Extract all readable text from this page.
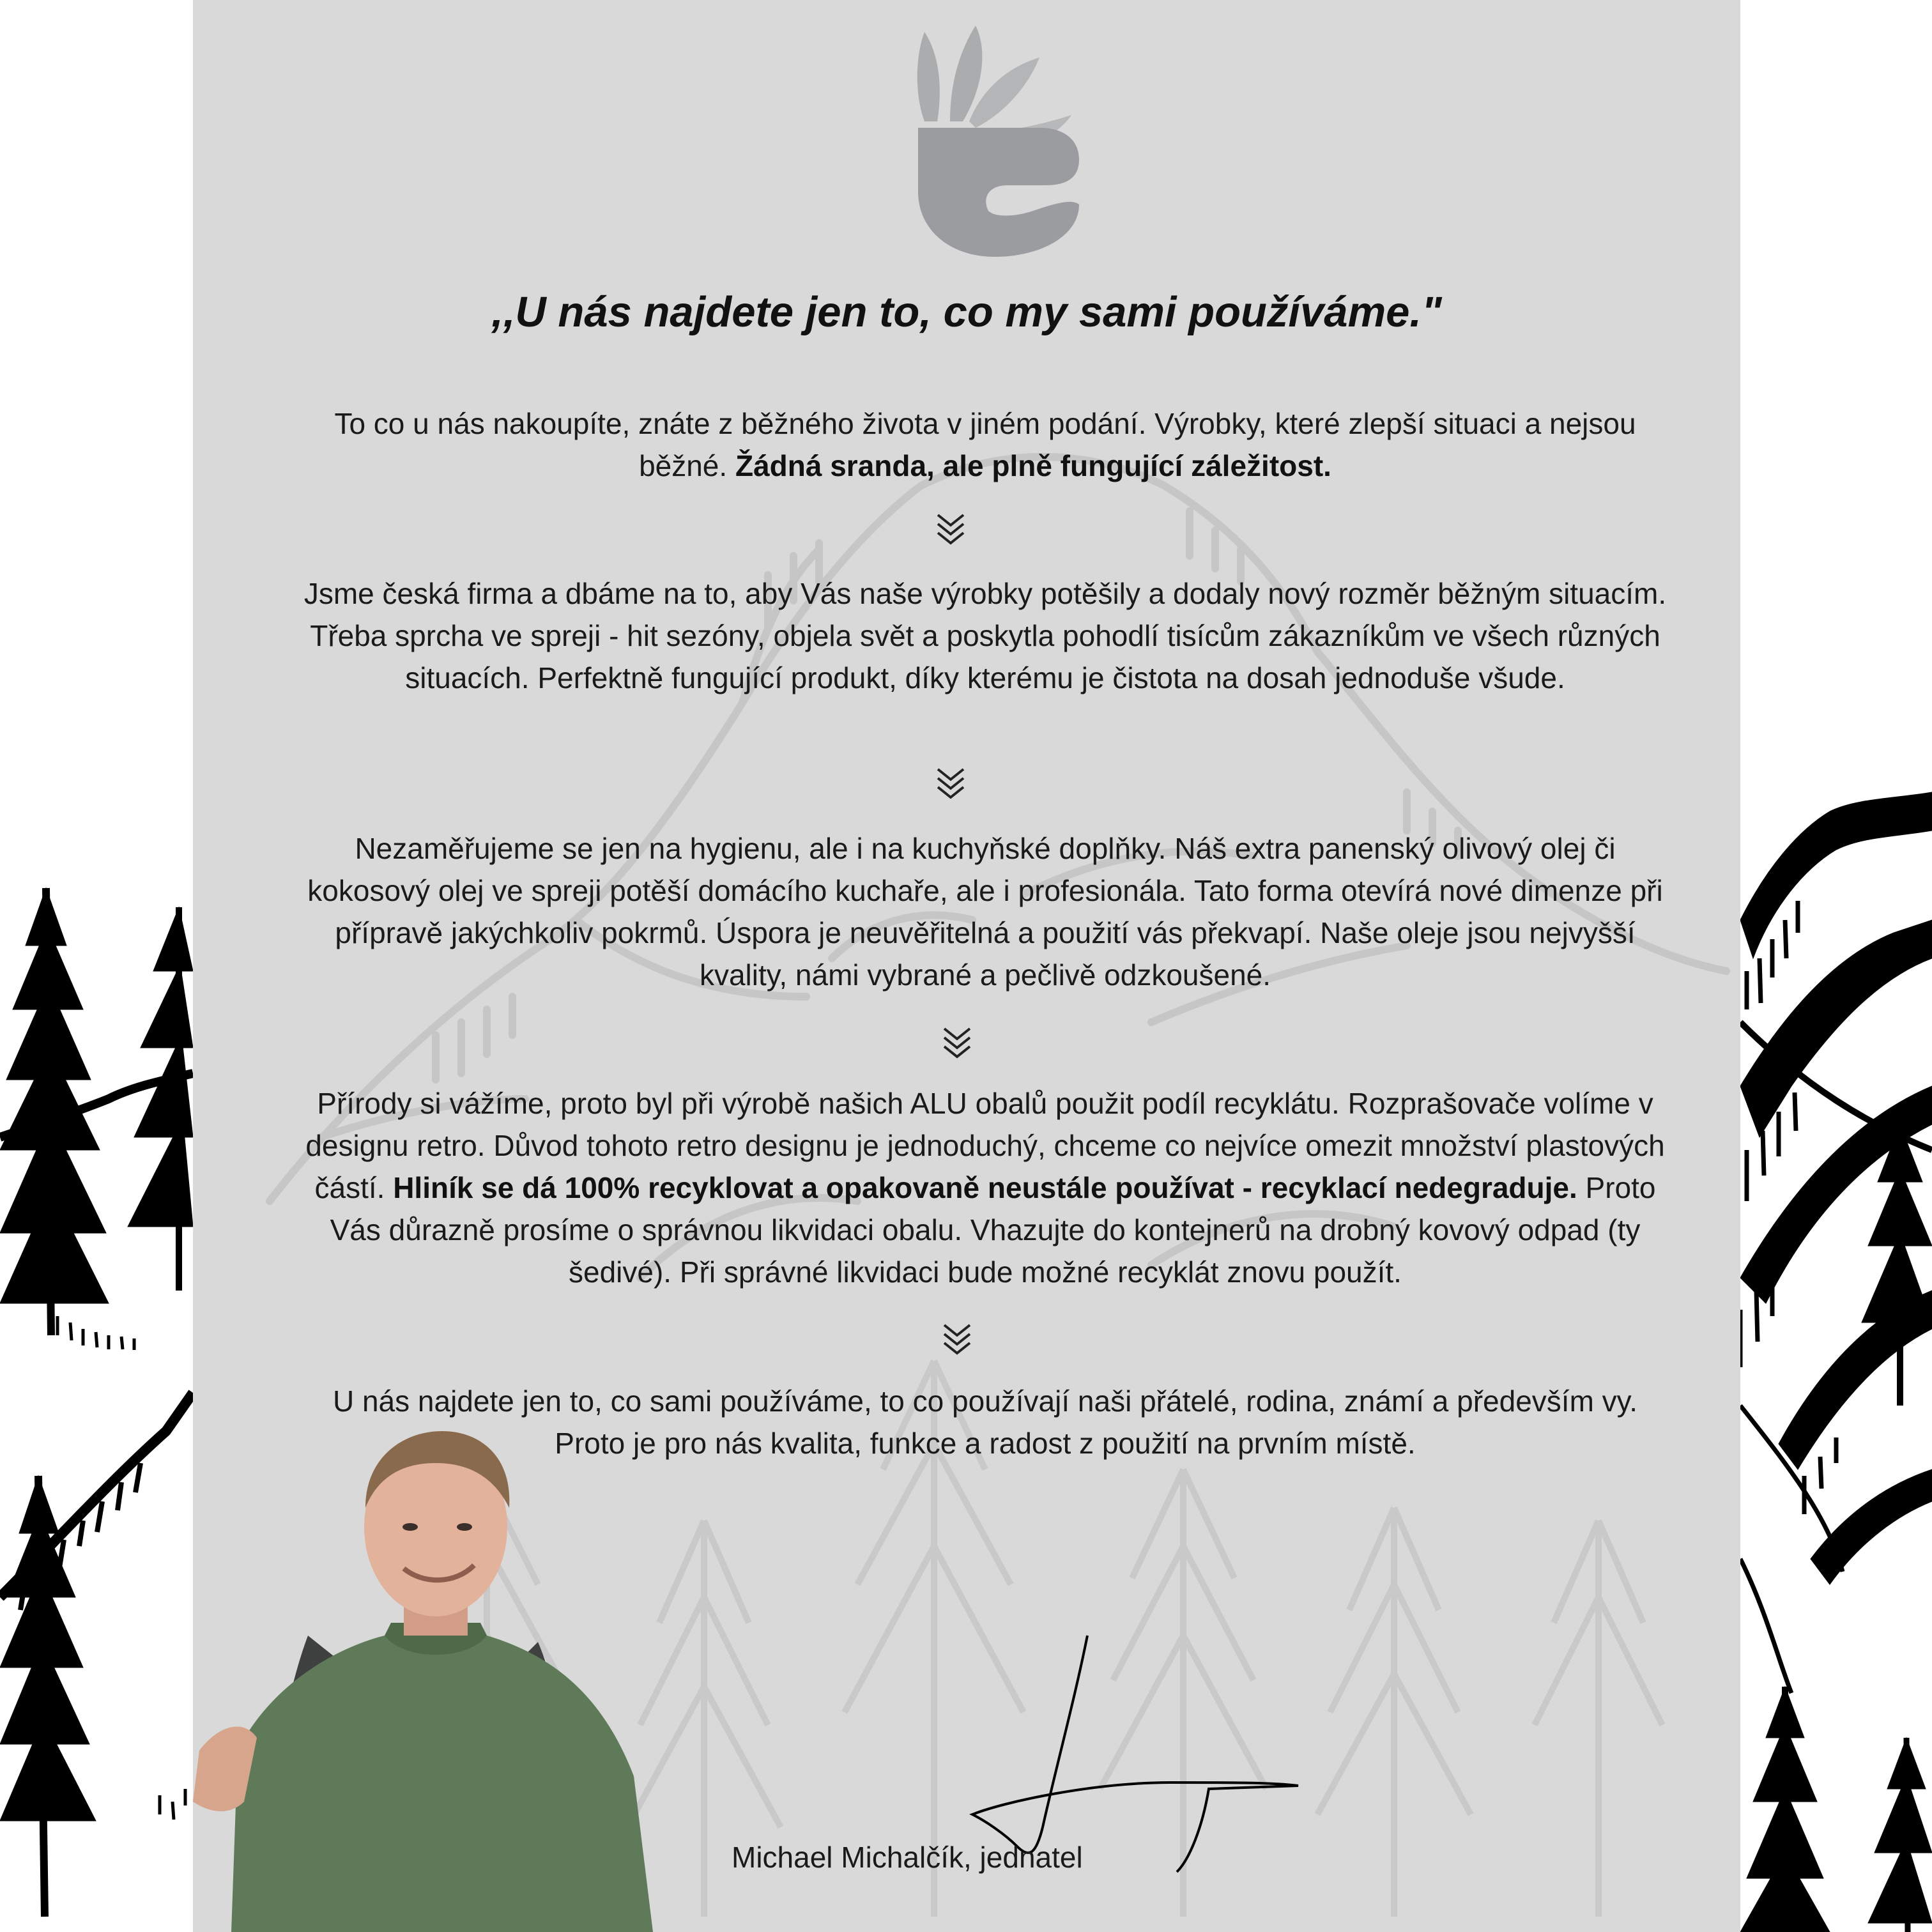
,,U nás najdete jen to, co my sami používáme."

To co u nás nakoupíte, znáte z běžného života v jiném podání. Výrobky, které zlepší situaci a nejsou běžné. Žádná sranda, ale plně fungující záležitost.

Jsme česká firma a dbáme na to, aby Vás naše výrobky potěšily a dodaly nový rozměr běžným situacím. Třeba sprcha ve spreji - hit sezóny, objela svět a poskytla pohodlí tisícům zákazníkům ve všech různých situacích. Perfektně fungující produkt, díky kterému je čistota na dosah jednoduše všude.

Nezaměřujeme se jen na hygienu, ale i na kuchyňské doplňky. Náš extra panenský olivový olej či kokosový olej ve spreji potěší domácího kuchaře, ale i profesionála. Tato forma otevírá nové dimenze při přípravě jakýchkoliv pokrmů. Úspora je neuvěřitelná a použití vás překvapí. Naše oleje jsou nejvyšší kvality, námi vybrané a pečlivě odzkoušené.

Přírody si vážíme, proto byl při výrobě našich ALU obalů použit podíl recyklátu. Rozprašovače volíme v designu retro. Důvod tohoto retro designu je jednoduchý, chceme co nejvíce omezit množství plastových částí. Hliník se dá 100% recyklovat a opakovaně neustále používat - recyklací nedegraduje. Proto Vás důrazně prosíme o správnou likvidaci obalu. Vhazujte do kontejnerů na drobný kovový odpad (ty šedivé). Při správné likvidaci bude možné recyklát znovu použít.

U nás najdete jen to, co sami používáme, to co používají naši přátelé, rodina, známí a především vy. Proto je pro nás kvalita, funkce a radost z použití na prvním místě.

Michael Michalčík, jednatel
